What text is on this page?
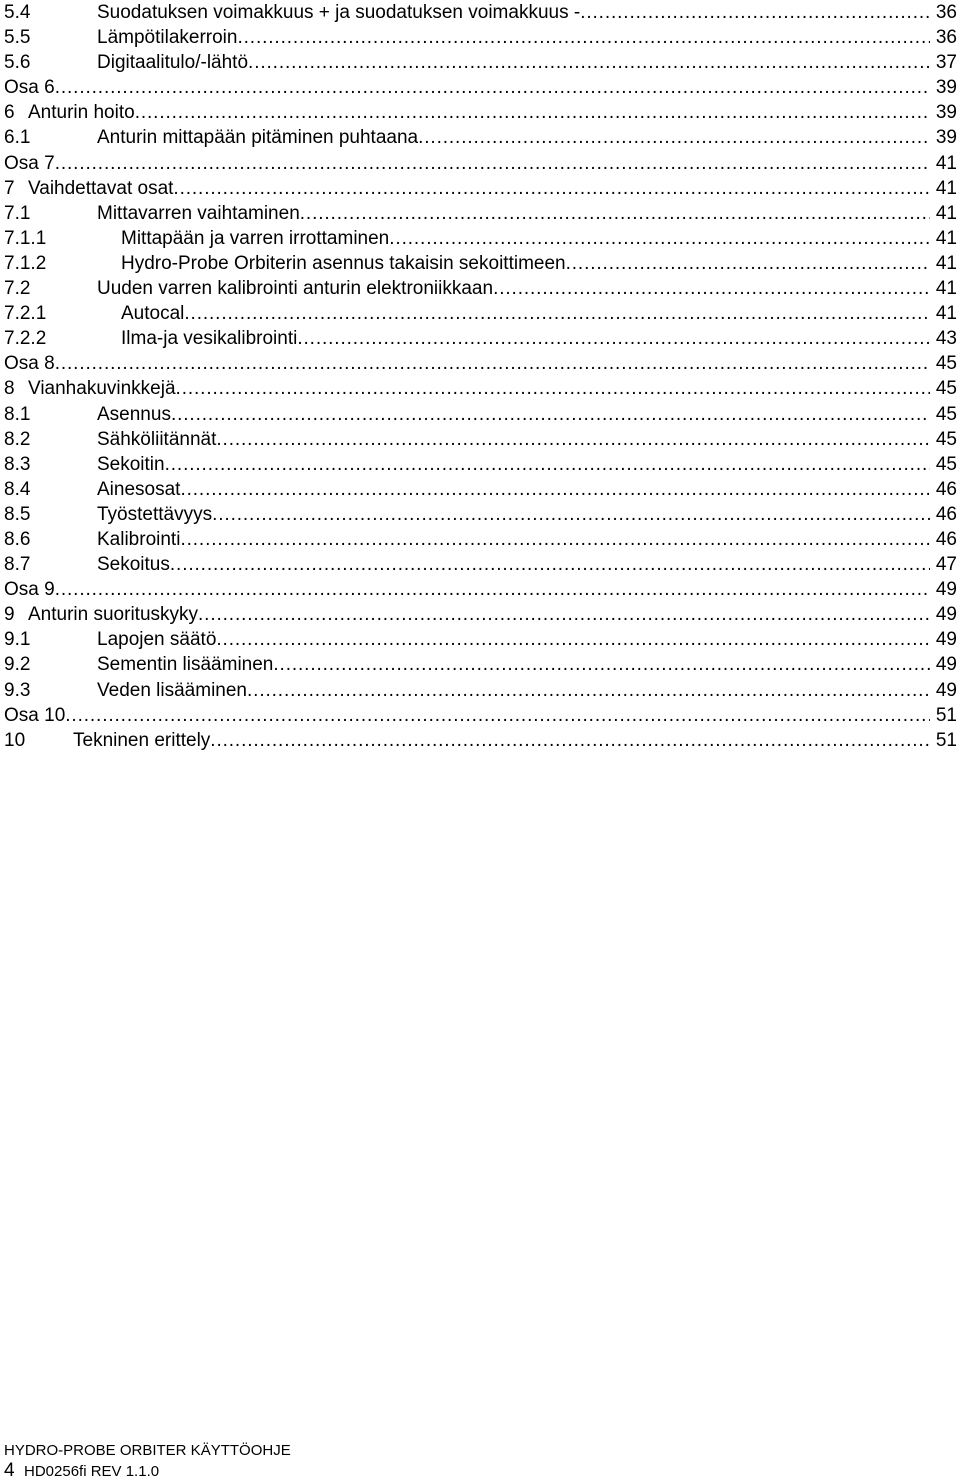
5.4	Suodatuksen voimakkuus + ja suodatuksen voimakkuus - . . .	36
5.5	Lämpötilakerroin . . .	36
5.6	Digitaalitulo/-lähtö . . .	37
Osa 6 . . .	39
6 Anturin hoito . . .	39
6.1	Anturin mittapään pitäminen puhtaana . . .	39
Osa 7 . . .	41
7 Vaihdettavat osat . . .	41
7.1	Mittavarren vaihtaminen . . .	41
7.1.1	Mittapään ja varren irrottaminen . . .	41
7.1.2	Hydro-Probe Orbiterin asennus takaisin sekoittimeen . . .	41
7.2	Uuden varren kalibrointi anturin elektroniikkaan . . .	41
7.2.1	Autocal . . .	41
7.2.2	Ilma-ja vesikalibrointi . . .	43
Osa 8 . . .	45
8 Vianhakuvinkkejä . . .	45
8.1	Asennus . . .	45
8.2	Sähköliitännät . . .	45
8.3	Sekoitin . . .	45
8.4	Ainesosat . . .	46
8.5	Työstettävyys . . .	46
8.6	Kalibrointi . . .	46
8.7	Sekoitus . . .	47
Osa 9 . . .	49
9 Anturin suorituskyky . . .	49
9.1	Lapojen säätö . . .	49
9.2	Sementin lisääminen . . .	49
9.3	Veden lisääminen . . .	49
Osa 10 . . .	51
10	Tekninen erittely . . .	51
HYDRO-PROBE ORBITER KÄYTTÖOHJE
4 HD0256fi REV 1.1.0
